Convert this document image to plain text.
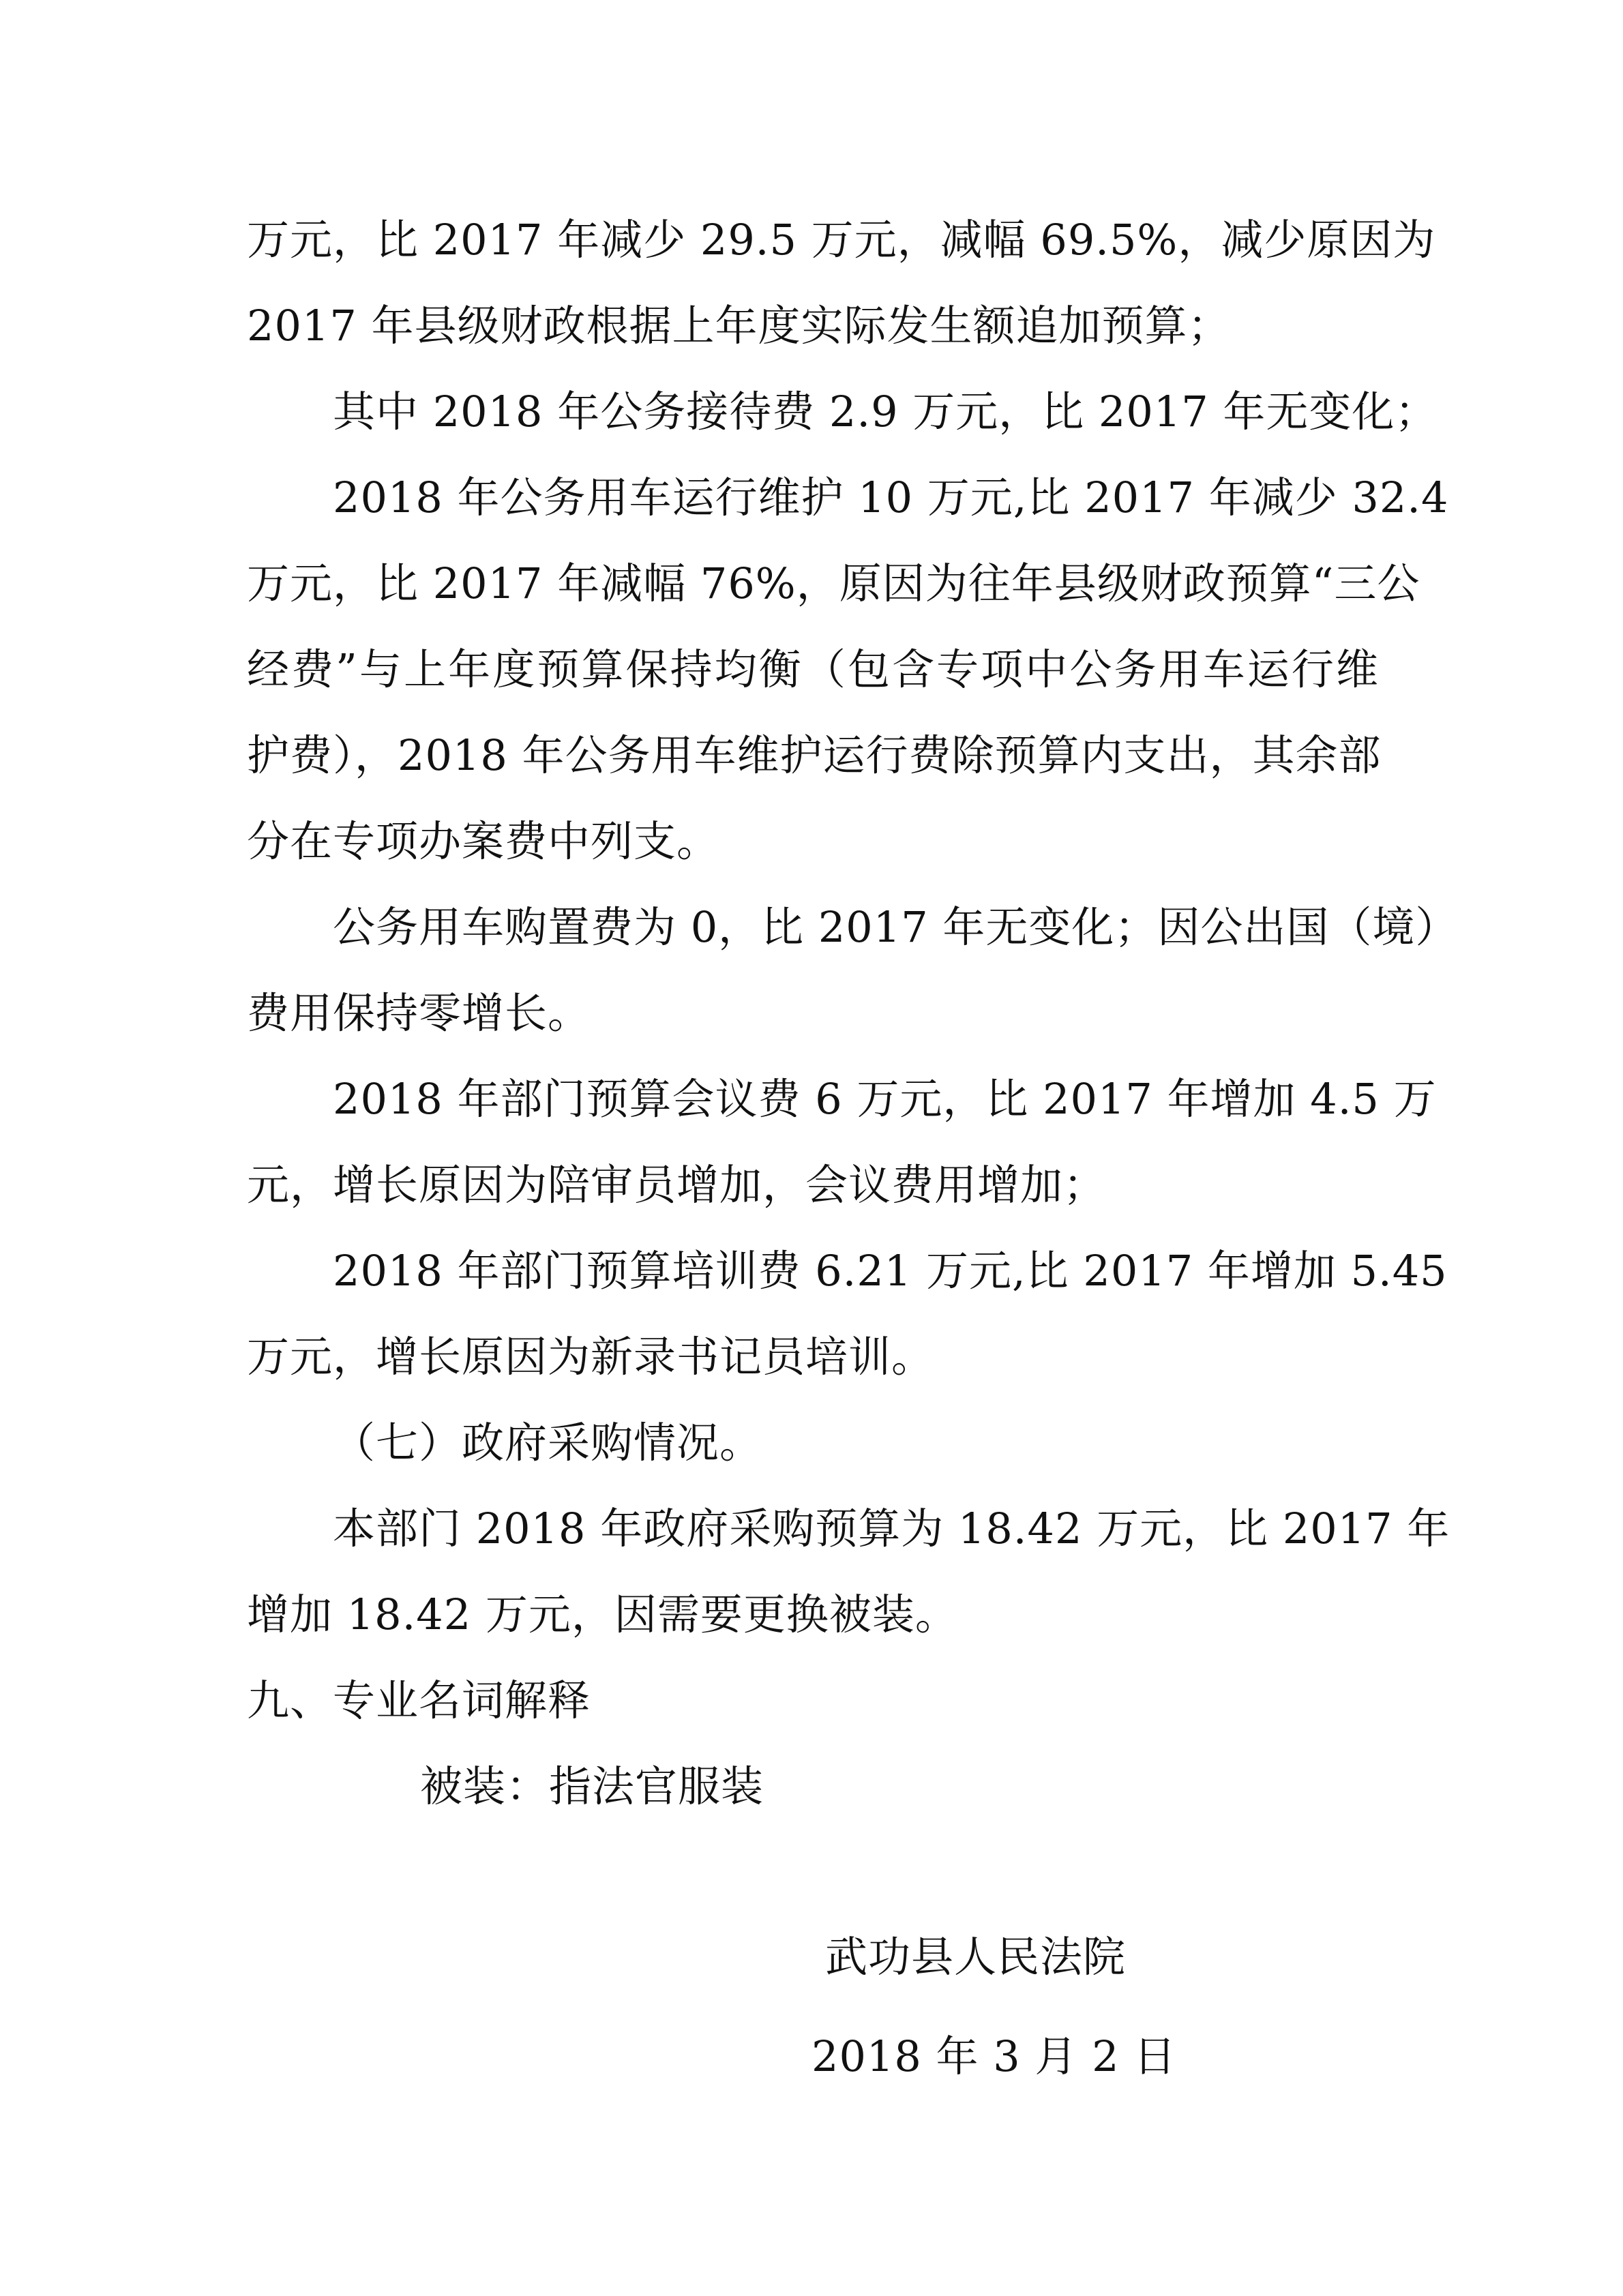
万元，比 2017 年减少 29.5 万元，减幅 69.5%，减少原因为
2017 年县级财政根据上年度实际发生额追加预算；
其中 2018 年公务接待费 2.9 万元，比 2017 年无变化；
2018 年公务用车运行维护 10 万元,比 2017 年减少 32.4
万元，比 2017 年减幅 76%，原因为往年县级财政预算“三公
经费”与上年度预算保持均衡（包含专项中公务用车运行维
护费），2018 年公务用车维护运行费除预算内支出，其余部
分在专项办案费中列支。
公务用车购置费为 0，比 2017 年无变化；因公出国（境）
费用保持零增长。
2018 年部门预算会议费 6 万元，比 2017 年增加 4.5 万
元，增长原因为陪审员增加，会议费用增加；
2018 年部门预算培训费 6.21 万元,比 2017 年增加 5.45
万元，增长原因为新录书记员培训。
（七）政府采购情况。
本部门 2018 年政府采购预算为 18.42 万元，比 2017 年
增加 18.42 万元，因需要更换被装。
九、专业名词解释
被装：指法官服装
武功县人民法院
2018 年 3 月 2 日
